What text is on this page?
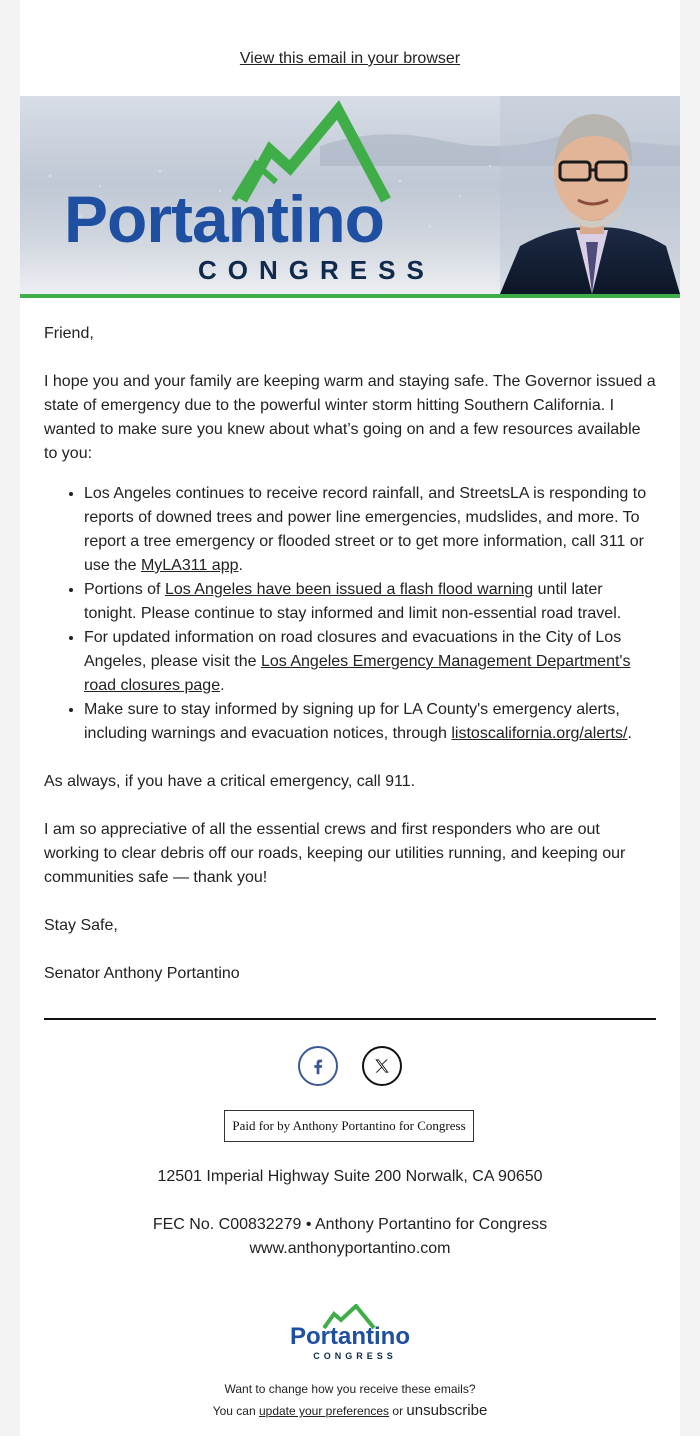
View this email in your browser
Portantino
CONGRESS
Friend,
I hope you and your family are keeping warm and staying safe. The Governor issued a state of emergency due to the powerful winter storm hitting Southern California. I wanted to make sure you knew about what’s going on and a few resources available to you:
• Los Angeles continues to receive record rainfall, and StreetsLA is responding to reports of downed trees and power line emergencies, mudslides, and more. To report a tree emergency or flooded street or to get more information, call 311 or use the MyLA311 app.
• Portions of Los Angeles have been issued a flash flood warning until later tonight. Please continue to stay informed and limit non-essential road travel.
• For updated information on road closures and evacuations in the City of Los Angeles, please visit the Los Angeles Emergency Management Department's road closures page.
• Make sure to stay informed by signing up for LA County's emergency alerts, including warnings and evacuation notices, through listoscalifornia.org/alerts/.
As always, if you have a critical emergency, call 911.
I am so appreciative of all the essential crews and first responders who are out working to clear debris off our roads, keeping our utilities running, and keeping our communities safe — thank you!
Stay Safe,
Senator Anthony Portantino
Paid for by Anthony Portantino for Congress
12501 Imperial Highway Suite 200 Norwalk, CA 90650
FEC No. C00832279 • Anthony Portantino for Congress
www.anthonyportantino.com
Portantino
CONGRESS
Want to change how you receive these emails?
You can update your preferences or unsubscribe
